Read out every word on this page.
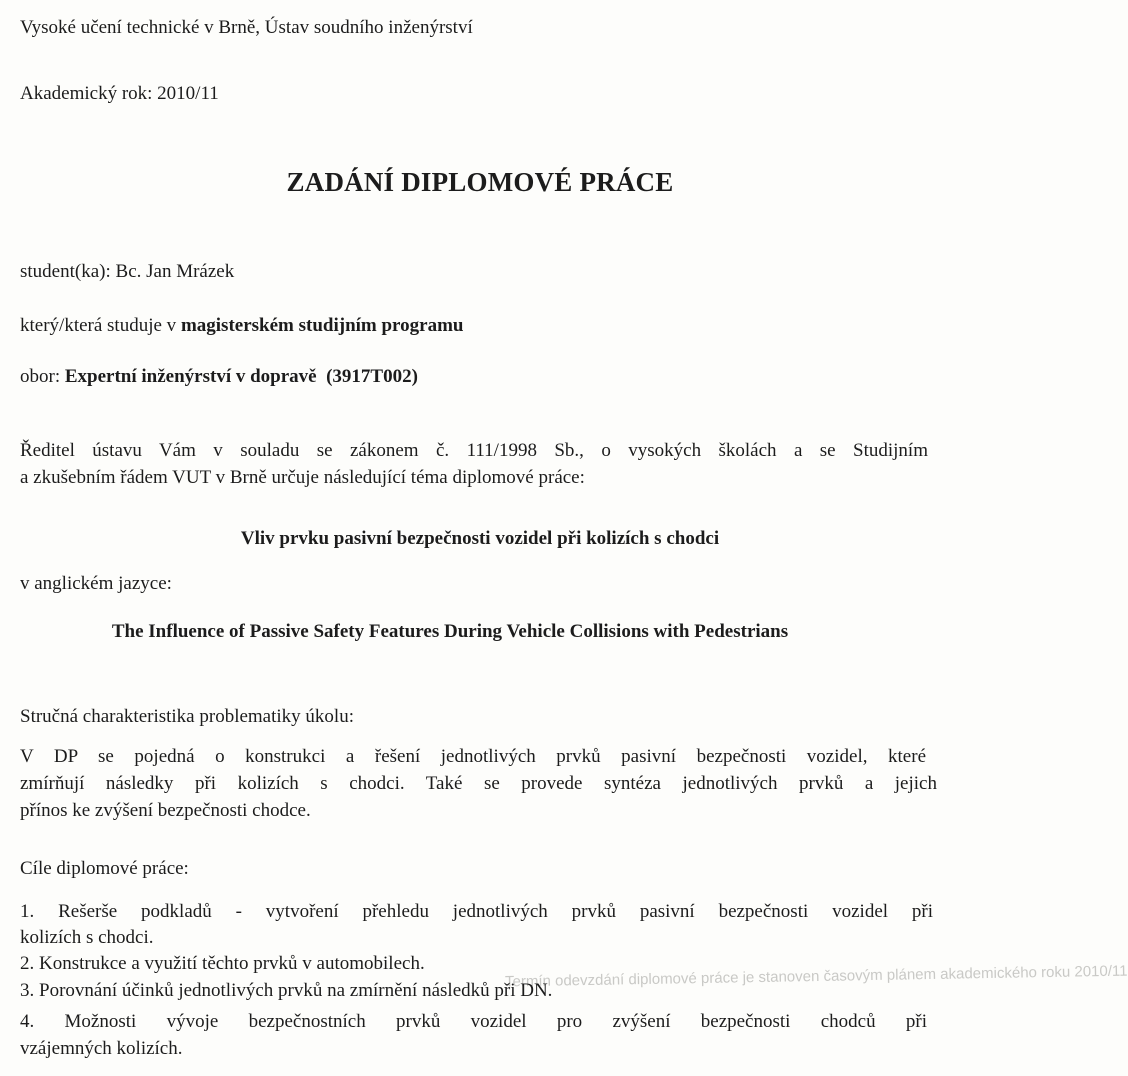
Termín odevzdání diplomové práce je stanoven časovým plánem akademického roku 2010/11
Vysoké učení technické v Brně, Ústav soudního inženýrství
Akademický rok: 2010/11
ZADÁNÍ DIPLOMOVÉ PRÁCE
student(ka): Bc. Jan Mrázek
který/která studuje v magisterském studijním programu
obor: Expertní inženýrství v dopravě  (3917T002)
Ředitel ústavu Vám v souladu se zákonem č. 111/1998 Sb., o vysokých školách a se Studijním
a zkušebním řádem VUT v Brně určuje následující téma diplomové práce:
Vliv prvku pasivní bezpečnosti vozidel při kolizích s chodci
v anglickém jazyce:
The Influence of Passive Safety Features During Vehicle Collisions with Pedestrians
Stručná charakteristika problematiky úkolu:
V DP se pojedná o konstrukci a řešení jednotlivých prvků pasivní bezpečnosti vozidel, které
zmírňují následky při kolizích s chodci. Také se provede syntéza jednotlivých prvků a jejich
přínos ke zvýšení bezpečnosti chodce.
Cíle diplomové práce:
1. Rešerše podkladů - vytvoření přehledu jednotlivých prvků pasivní bezpečnosti vozidel při
kolizích s chodci.
2. Konstrukce a využití těchto prvků v automobilech.
3. Porovnání účinků jednotlivých prvků na zmírnění následků při DN.
4. Možnosti vývoje bezpečnostních prvků vozidel pro zvýšení bezpečnosti chodců při
vzájemných kolizích.
